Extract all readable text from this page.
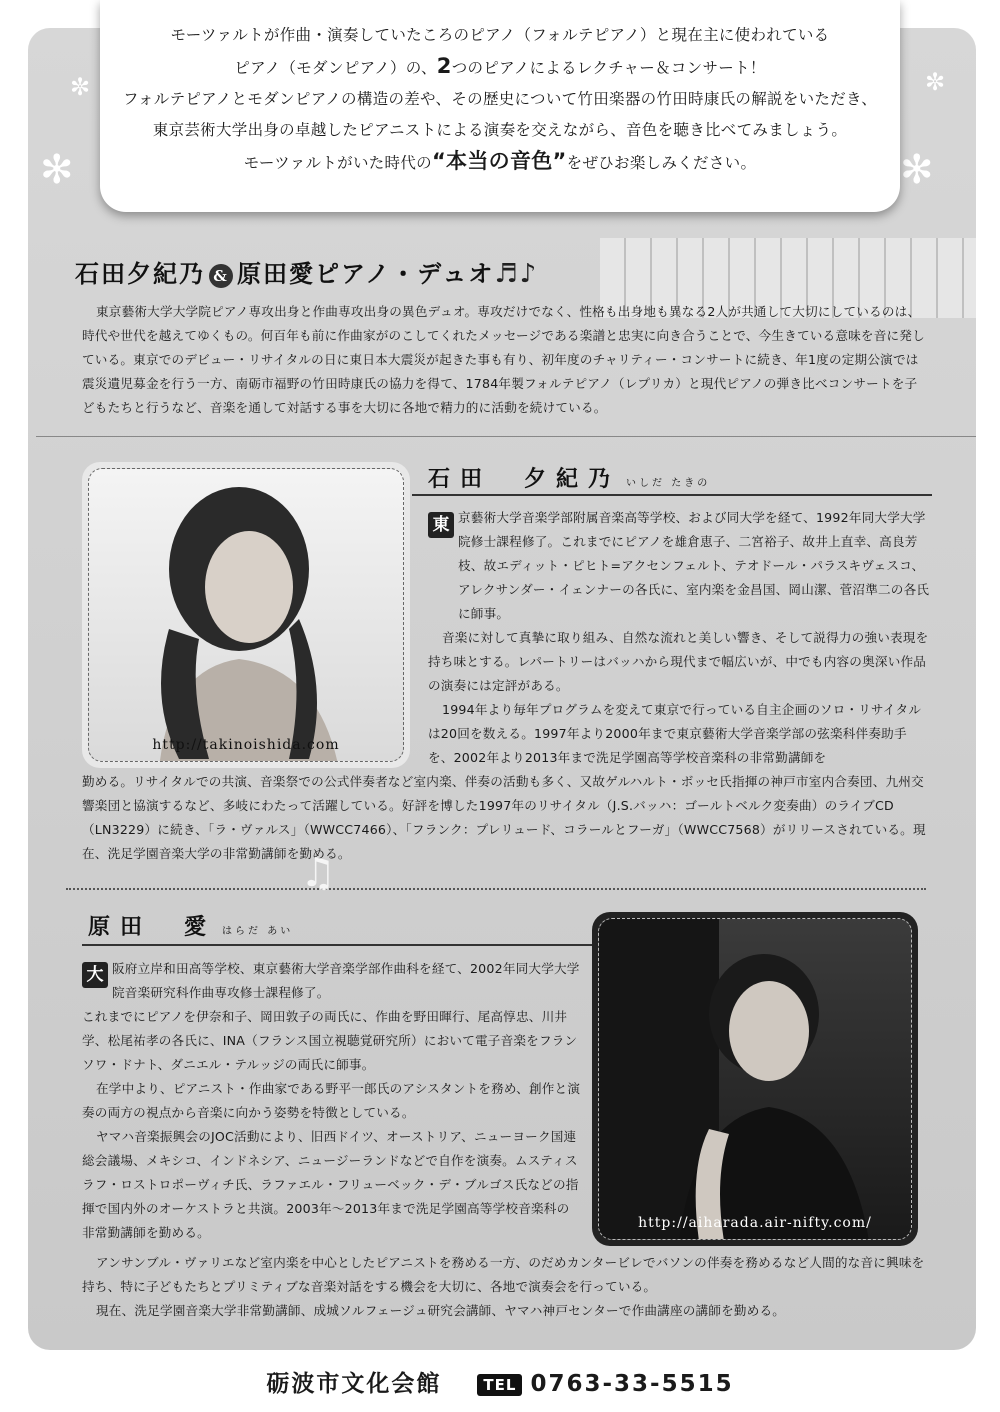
✻	✻
✼	✼

モーツァルトが作曲・演奏していたころのピアノ（フォルテピアノ）と現在主に使われている

ピアノ（モダンピアノ）の、2つのピアノによるレクチャー＆コンサート！

フォルテピアノとモダンピアノの構造の差や、その歴史について竹田楽器の竹田時康氏の解説をいただき、

東京芸術大学出身の卓越したピアニストによる演奏を交えながら、音色を聴き比べてみましょう。

モーツァルトがいた時代の“本当の音色”をぜひお楽しみください。

石田夕紀乃 & 原田愛ピアノ・デュオ♬♪
東京藝術大学大学院ピアノ専攻出身と作曲専攻出身の異色デュオ。専攻だけでなく、性格も出身地も異なる2人が共通して大切にしているのは、時代や世代を越えてゆくもの。何百年も前に作曲家がのこしてくれたメッセージである楽譜と忠実に向き合うことで、今生きている意味を音に発している。東京でのデビュー・リサイタルの日に東日本大震災が起きた事も有り、初年度のチャリティー・コンサートに続き、年1度の定期公演では震災遺児募金を行う一方、南砺市福野の竹田時康氏の協力を得て、1784年製フォルテピアノ（レプリカ）と現代ピアノの弾き比べコンサートを子どもたちと行うなど、音楽を通して対話する事を大切に各地で精力的に活動を続けている。
http://takinoishida.com
石田　夕紀乃 いしだ たきの
東 京藝術大学音楽学部附属音楽高等学校、および同大学を経て、1992年同大学大学院修士課程修了。これまでにピアノを雄倉恵子、二宮裕子、故井上直幸、高良芳枝、故エディット・ピヒト=アクセンフェルト、テオドール・パラスキヴェスコ、アレクサンダー・イェンナーの各氏に、室内楽を金昌国、岡山潔、菅沼準二の各氏に師事。
音楽に対して真摯に取り組み、自然な流れと美しい響き、そして説得力の強い表現を持ち味とする。レパートリーはバッハから現代まで幅広いが、中でも内容の奥深い作品の演奏には定評がある。
1994年より毎年プログラムを変えて東京で行っている自主企画のソロ・リサイタルは20回を数える。1997年より2000年まで東京藝術大学音楽学部の弦楽科伴奏助手を、2002年より2013年まで洗足学園高等学校音楽科の非常勤講師を
勤める。リサイタルでの共演、音楽祭での公式伴奏者など室内楽、伴奏の活動も多く、又故ゲルハルト・ボッセ氏指揮の神戸市室内合奏団、九州交響楽団と協演するなど、多岐にわたって活躍している。好評を博した1997年のリサイタル（J.S.バッハ：ゴールトベルク変奏曲）のライブCD（LN3229）に続き、「ラ・ヴァルス」（WWCC7466）、「フランク：プレリュード、コラールとフーガ」（WWCC7568）がリリースされている。現在、洗足学園音楽大学の非常勤講師を勤める。
♫
原田　愛 はらだ あい
大 阪府立岸和田高等学校、東京藝術大学音楽学部作曲科を経て、2002年同大学大学院音楽研究科作曲専攻修士課程修了。
これまでにピアノを伊奈和子、岡田敦子の両氏に、作曲を野田暉行、尾高惇忠、川井学、松尾祐孝の各氏に、INA（フランス国立視聴覚研究所）において電子音楽をフランソワ・ドナト、ダニエル・テルッジの両氏に師事。
在学中より、ピアニスト・作曲家である野平一郎氏のアシスタントを務め、創作と演奏の両方の視点から音楽に向かう姿勢を特徴としている。
ヤマハ音楽振興会のJOC活動により、旧西ドイツ、オーストリア、ニューヨーク国連総会議場、メキシコ、インドネシア、ニュージーランドなどで自作を演奏。ムスティスラフ・ロストロポーヴィチ氏、ラファエル・フリューベック・デ・ブルゴス氏などの指揮で国内外のオーケストラと共演。2003年～2013年まで洗足学園高等学校音楽科の非常勤講師を勤める。
http://aiharada.air-nifty.com/
アンサンブル・ヴァリエなど室内楽を中心としたピアニストを務める一方、のだめカンタービレでバソンの伴奏を務めるなど人間的な音に興味を持ち、特に子どもたちとプリミティブな音楽対話をする機会を大切に、各地で演奏会を行っている。
現在、洗足学園音楽大学非常勤講師、成城ソルフェージュ研究会講師、ヤマハ神戸センターで作曲講座の講師を勤める。
砺波市文化会館	TEL 0763-33-5515
